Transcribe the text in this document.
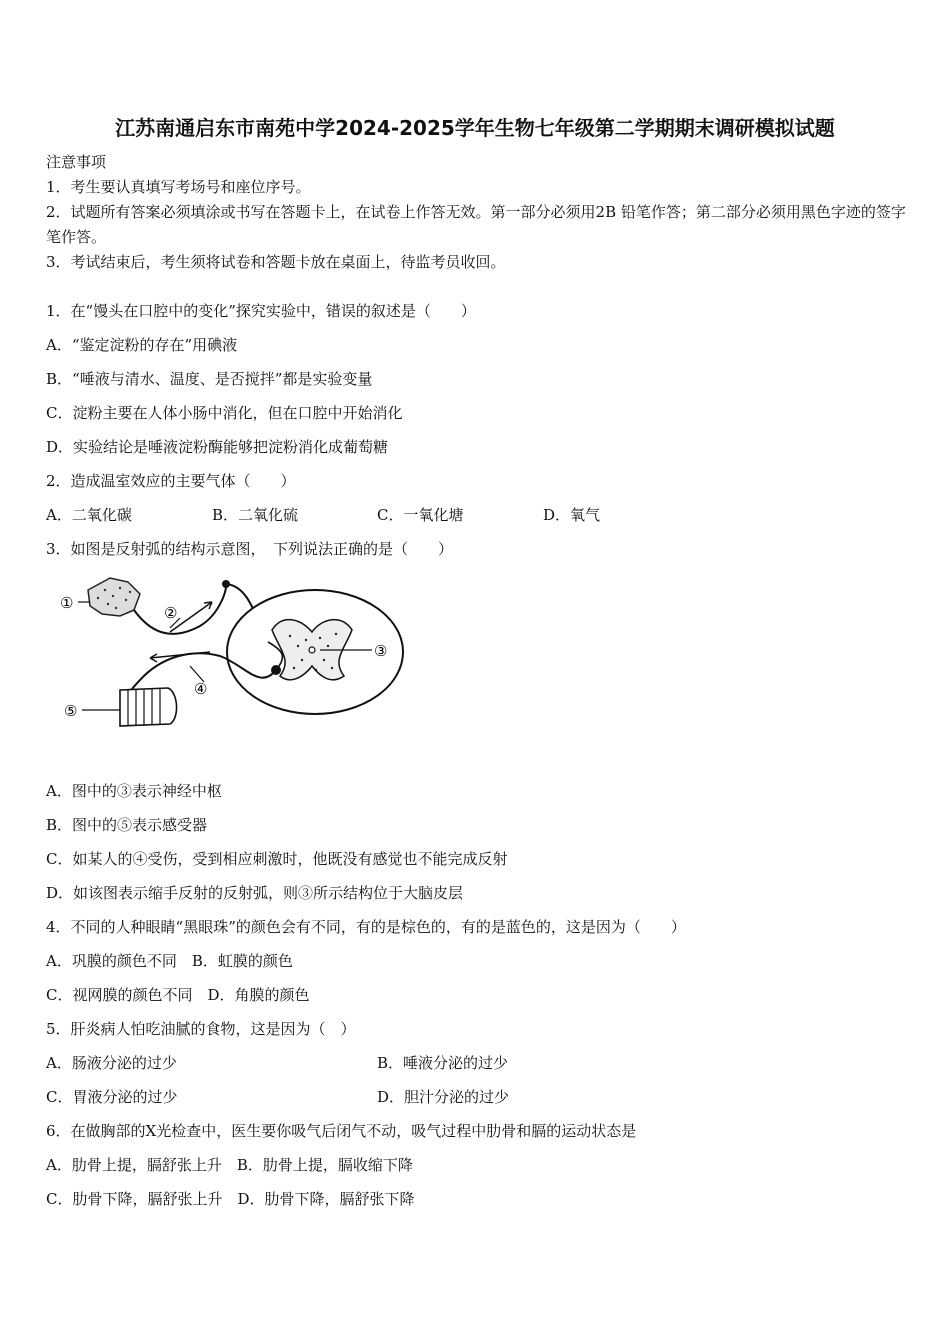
江苏南通启东市南苑中学2024-2025学年生物七年级第二学期期末调研模拟试题
注意事项
1．考生要认真填写考场号和座位序号。
2．试题所有答案必须填涂或书写在答题卡上，在试卷上作答无效。第一部分必须用2B 铅笔作答；第二部分必须用黑色字迹的签字笔作答。
3．考试结束后，考生须将试卷和答题卡放在桌面上，待监考员收回。
1．在“馒头在口腔中的变化”探究实验中，错误的叙述是（　　）
A．“鉴定淀粉的存在”用碘液
B．“唾液与清水、温度、是否搅拌”都是实验变量
C．淀粉主要在人体小肠中消化，但在口腔中开始消化
D．实验结论是唾液淀粉酶能够把淀粉消化成葡萄糖
2．造成温室效应的主要气体（　　）
A．二氧化碳	B．二氧化硫	C．一氧化塘	D．氧气
3．如图是反射弧的结构示意图，　下列说法正确的是（　　）
①
②
③
④
⑤
A．图中的③表示神经中枢
B．图中的⑤表示感受器
C．如某人的④受伤，受到相应刺激时，他既没有感觉也不能完成反射
D．如该图表示缩手反射的反射弧，则③所示结构位于大脑皮层
4．不同的人种眼睛“黑眼珠”的颜色会有不同，有的是棕色的，有的是蓝色的，这是因为（　　）
A．巩膜的颜色不同　B．虹膜的颜色
C．视网膜的颜色不同　D．角膜的颜色
5．肝炎病人怕吃油腻的食物，这是因为（　）
A．肠液分泌的过少	B．唾液分泌的过少
C．胃液分泌的过少	D．胆汁分泌的过少
6．在做胸部的X光检查中，医生要你吸气后闭气不动，吸气过程中肋骨和膈的运动状态是
A．肋骨上提，膈舒张上升　B．肋骨上提，膈收缩下降
C．肋骨下降，膈舒张上升　D．肋骨下降，膈舒张下降
